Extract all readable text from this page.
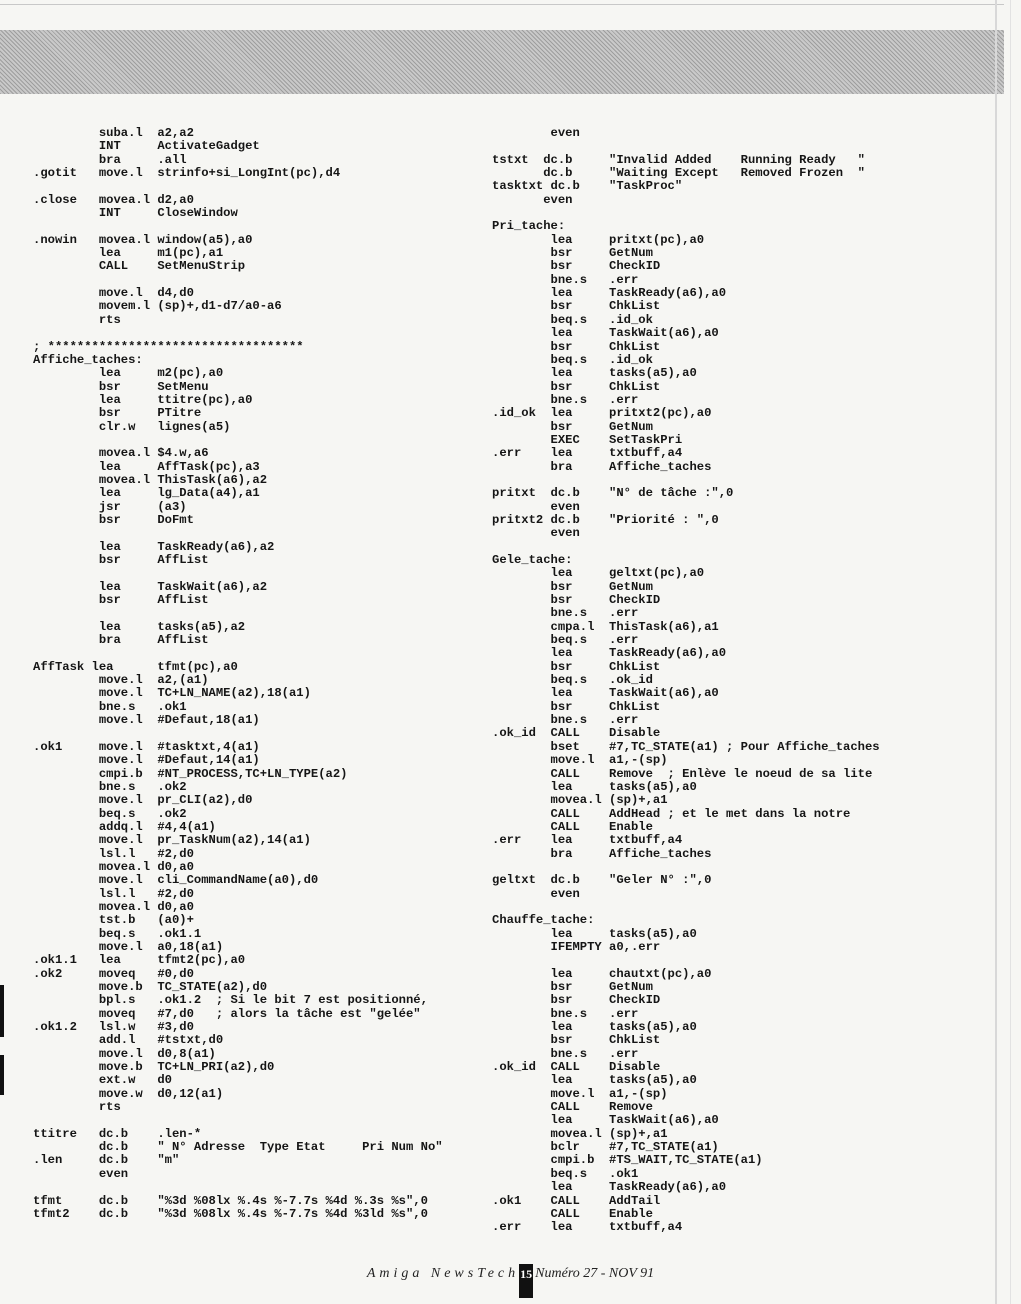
suba.l  a2,a2
INT     ActivateGadget
bra     .all
.gotit   move.l  strinfo+si_LongInt(pc),d4

.close   movea.l d2,a0
INT     CloseWindow

.nowin   movea.l window(a5),a0
lea     m1(pc),a1
CALL    SetMenuStrip

move.l  d4,d0
movem.l (sp)+,d1-d7/a0-a6
rts

; ***********************************
Affiche_taches:
lea     m2(pc),a0
bsr     SetMenu
lea     ttitre(pc),a0
bsr     PTitre
clr.w   lignes(a5)

movea.l $4.w,a6
lea     AffTask(pc),a3
movea.l ThisTask(a6),a2
lea     lg_Data(a4),a1
jsr     (a3)
bsr     DoFmt

lea     TaskReady(a6),a2
bsr     AffList

lea     TaskWait(a6),a2
bsr     AffList

lea     tasks(a5),a2
bra     AffList

AffTask lea      tfmt(pc),a0
move.l  a2,(a1)
move.l  TC+LN_NAME(a2),18(a1)
bne.s   .ok1
move.l  #Defaut,18(a1)

.ok1     move.l  #tasktxt,4(a1)
move.l  #Defaut,14(a1)
cmpi.b  #NT_PROCESS,TC+LN_TYPE(a2)
bne.s   .ok2
move.l  pr_CLI(a2),d0
beq.s   .ok2
addq.l  #4,4(a1)
move.l  pr_TaskNum(a2),14(a1)
lsl.l   #2,d0
movea.l d0,a0
move.l  cli_CommandName(a0),d0
lsl.l   #2,d0
movea.l d0,a0
tst.b   (a0)+
beq.s   .ok1.1
move.l  a0,18(a1)
.ok1.1   lea     tfmt2(pc),a0
.ok2     moveq   #0,d0
move.b  TC_STATE(a2),d0
bpl.s   .ok1.2  ; Si le bit 7 est positionné,
moveq   #7,d0   ; alors la tâche est "gelée"
.ok1.2   lsl.w   #3,d0
add.l   #tstxt,d0
move.l  d0,8(a1)
move.b  TC+LN_PRI(a2),d0
ext.w   d0
move.w  d0,12(a1)
rts

ttitre   dc.b    .len-*
dc.b    " N° Adresse  Type Etat     Pri Num No"
.len     dc.b    "m"
even

tfmt     dc.b    "%3d %08lx %.4s %-7.7s %4d %.3s %s",0
tfmt2    dc.b    "%3d %08lx %.4s %-7.7s %4d %3ld %s",0
even

tstxt  dc.b     "Invalid Added    Running Ready   "
dc.b     "Waiting Except   Removed Frozen  "
tasktxt dc.b    "TaskProc"
even

Pri_tache:
lea     pritxt(pc),a0
bsr     GetNum
bsr     CheckID
bne.s   .err
lea     TaskReady(a6),a0
bsr     ChkList
beq.s   .id_ok
lea     TaskWait(a6),a0
bsr     ChkList
beq.s   .id_ok
lea     tasks(a5),a0
bsr     ChkList
bne.s   .err
.id_ok  lea     pritxt2(pc),a0
bsr     GetNum
EXEC    SetTaskPri
.err    lea     txtbuff,a4
bra     Affiche_taches

pritxt  dc.b    "N° de tâche :",0
even
pritxt2 dc.b    "Priorité : ",0
even

Gele_tache:
lea     geltxt(pc),a0
bsr     GetNum
bsr     CheckID
bne.s   .err
cmpa.l  ThisTask(a6),a1
beq.s   .err
lea     TaskReady(a6),a0
bsr     ChkList
beq.s   .ok_id
lea     TaskWait(a6),a0
bsr     ChkList
bne.s   .err
.ok_id  CALL    Disable
bset    #7,TC_STATE(a1) ; Pour Affiche_taches
move.l  a1,-(sp)
CALL    Remove  ; Enlève le noeud de sa lite
lea     tasks(a5),a0
movea.l (sp)+,a1
CALL    AddHead ; et le met dans la notre
CALL    Enable
.err    lea     txtbuff,a4
bra     Affiche_taches

geltxt  dc.b    "Geler N° :",0
even

Chauffe_tache:
lea     tasks(a5),a0
IFEMPTY a0,.err

lea     chautxt(pc),a0
bsr     GetNum
bsr     CheckID
bne.s   .err
lea     tasks(a5),a0
bsr     ChkList
bne.s   .err
.ok_id  CALL    Disable
lea     tasks(a5),a0
move.l  a1,-(sp)
CALL    Remove
lea     TaskWait(a6),a0
movea.l (sp)+,a1
bclr    #7,TC_STATE(a1)
cmpi.b  #TS_WAIT,TC_STATE(a1)
beq.s   .ok1
lea     TaskReady(a6),a0
.ok1    CALL    AddTail
CALL    Enable
.err    lea     txtbuff,a4
Amiga NewsTech15 Numéro 27 - NOV 91
